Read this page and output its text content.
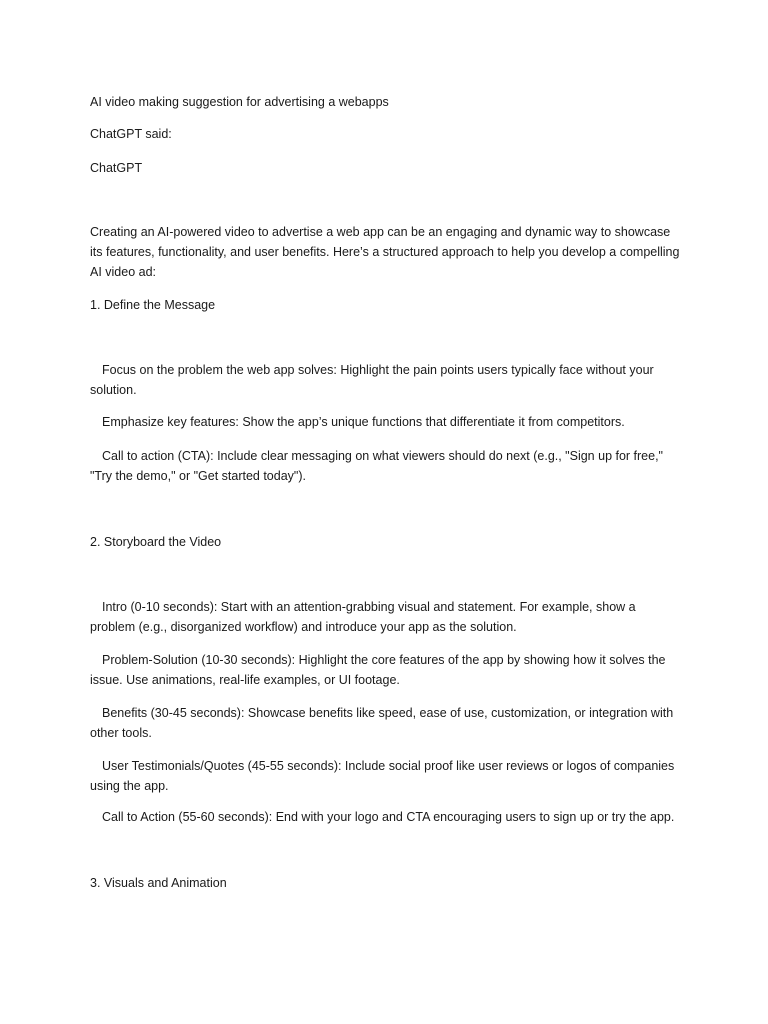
AI video making suggestion for advertising a webapps

ChatGPT said:

ChatGPT

Creating an AI-powered video to advertise a web app can be an engaging and dynamic way to showcase its features, functionality, and user benefits. Here’s a structured approach to help you develop a compelling AI video ad:

1. Define the Message

Focus on the problem the web app solves: Highlight the pain points users typically face without your solution.

Emphasize key features: Show the app’s unique functions that differentiate it from competitors.

Call to action (CTA): Include clear messaging on what viewers should do next (e.g., "Sign up for free," "Try the demo," or "Get started today").

2. Storyboard the Video

Intro (0-10 seconds): Start with an attention-grabbing visual and statement. For example, show a problem (e.g., disorganized workflow) and introduce your app as the solution.

Problem-Solution (10-30 seconds): Highlight the core features of the app by showing how it solves the issue. Use animations, real-life examples, or UI footage.

Benefits (30-45 seconds): Showcase benefits like speed, ease of use, customization, or integration with other tools.

User Testimonials/Quotes (45-55 seconds): Include social proof like user reviews or logos of companies using the app.

Call to Action (55-60 seconds): End with your logo and CTA encouraging users to sign up or try the app.

3. Visuals and Animation
